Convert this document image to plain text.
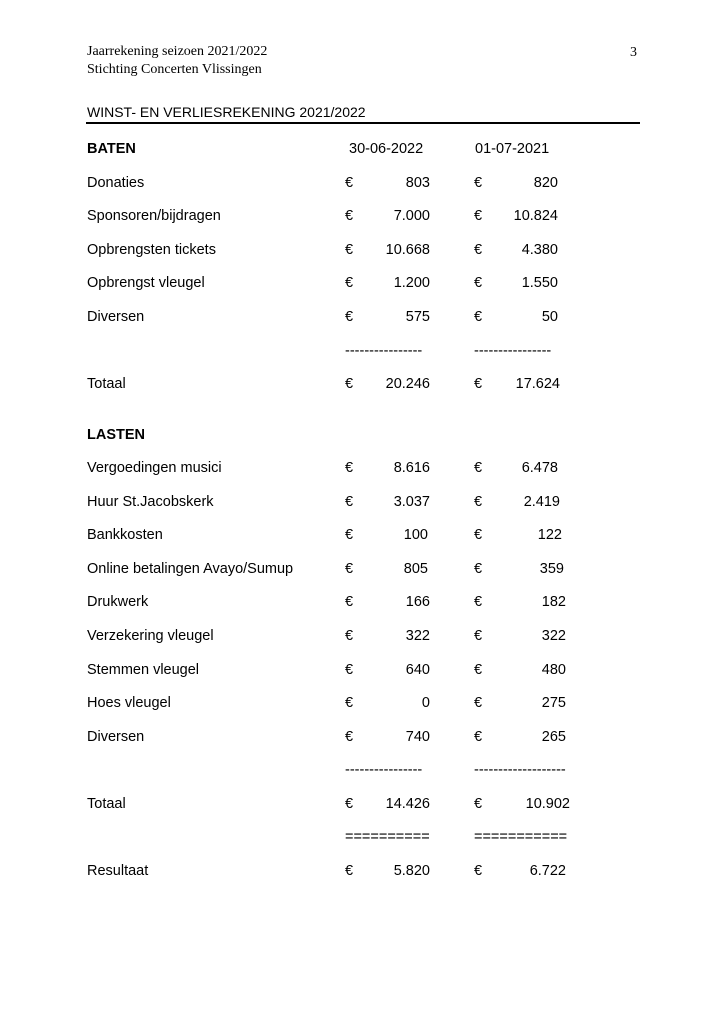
Jaarrekening seizoen 2021/2022
Stichting Concerten Vlissingen
3
WINST- EN VERLIESREKENING 2021/2022
BATEN	30-06-2022	01-07-2021
Donaties	€	803	€	820
Sponsoren/bijdragen	€	7.000	€ 10.824
Opbrengsten tickets	€ 10.668	€	4.380
Opbrengst vleugel	€	1.200	€	1.550
Diversen	€	575	€	50
----------------	----------------
Totaal	€ 20.246	€ 17.624
LASTEN
Vergoedingen musici	€	8.616	€	6.478
Huur St.Jacobskerk	€	3.037	€	2.419
Bankkosten	€	100	€	122
Online betalingen Avayo/Sumup	€	805	€	359
Drukwerk	€	166	€	182
Verzekering vleugel	€	322	€	322
Stemmen vleugel	€	640	€	480
Hoes vleugel	€	0	€	275
Diversen	€	740	€	265
----------------	-------------------
Totaal	€ 14.426	€	10.902
==========	===========
Resultaat	€	5.820	€	6.722
